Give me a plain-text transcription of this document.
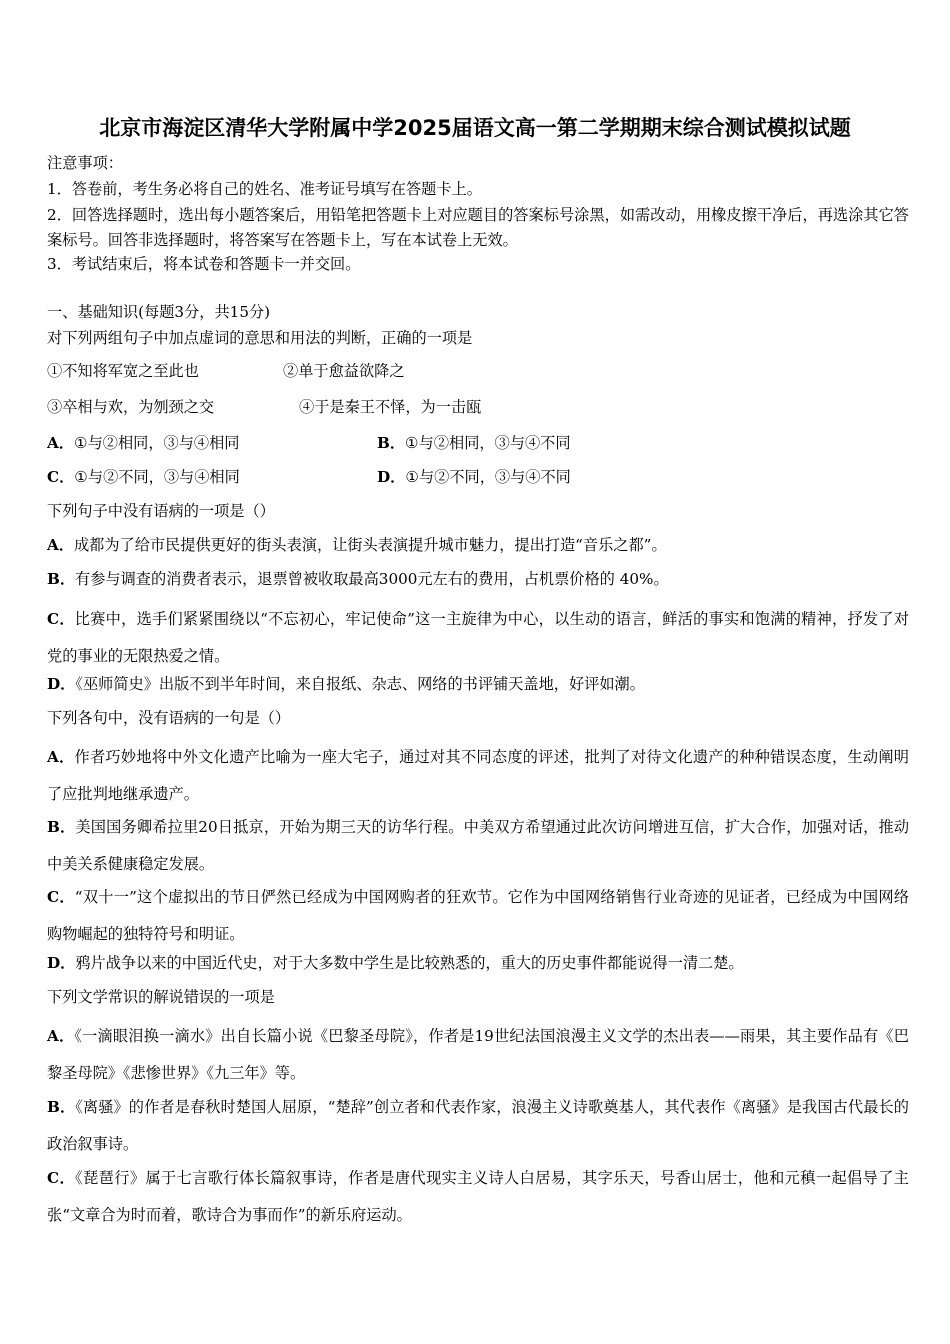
北京市海淀区清华大学附属中学2025届语文高一第二学期期末综合测试模拟试题
注意事项：
1．答卷前，考生务必将自己的姓名、准考证号填写在答题卡上。
2．回答选择题时，选出每小题答案后，用铅笔把答题卡上对应题目的答案标号涂黑，如需改动，用橡皮擦干净后，再选涂其它答案标号。回答非选择题时，将答案写在答题卡上，写在本试卷上无效。
3．考试结束后，将本试卷和答题卡一并交回。
一、基础知识(每题3分，共15分)
对下列两组句子中加点虚词的意思和用法的判断，正确的一项是
①不知将军宽之至此也	②单于愈益欲降之
③卒相与欢，为刎颈之交	④于是秦王不怿，为一击瓯
A．①与②相同，③与④相同	B．①与②相同，③与④不同
C．①与②不同，③与④相同	D．①与②不同，③与④不同
下列句子中没有语病的一项是（）
A．成都为了给市民提供更好的街头表演，让街头表演提升城市魅力，提出打造“音乐之都”。
B．有参与调查的消费者表示，退票曾被收取最高3000元左右的费用，占机票价格的 40%。
C．比赛中，选手们紧紧围绕以“不忘初心，牢记使命”这一主旋律为中心，以生动的语言，鲜活的事实和饱满的精神，抒发了对党的事业的无限热爱之情。
D．《巫师简史》出版不到半年时间，来自报纸、杂志、网络的书评铺天盖地，好评如潮。
下列各句中，没有语病的一句是（）
A．作者巧妙地将中外文化遗产比喻为一座大宅子，通过对其不同态度的评述，批判了对待文化遗产的种种错误态度，生动阐明了应批判地继承遗产。
B．美国国务卿希拉里20日抵京，开始为期三天的访华行程。中美双方希望通过此次访问增进互信，扩大合作，加强对话，推动中美关系健康稳定发展。
C．“双十一”这个虚拟出的节日俨然已经成为中国网购者的狂欢节。它作为中国网络销售行业奇迹的见证者，已经成为中国网络购物崛起的独特符号和明证。
D．鸦片战争以来的中国近代史，对于大多数中学生是比较熟悉的，重大的历史事件都能说得一清二楚。
下列文学常识的解说错误的一项是
A．《一滴眼泪换一滴水》出自长篇小说《巴黎圣母院》，作者是19世纪法国浪漫主义文学的杰出表——雨果，其主要作品有《巴黎圣母院》《悲惨世界》《九三年》等。
B．《离骚》的作者是春秋时楚国人屈原，“楚辞”创立者和代表作家，浪漫主义诗歌奠基人，其代表作《离骚》是我国古代最长的政治叙事诗。
C．《琵琶行》属于七言歌行体长篇叙事诗，作者是唐代现实主义诗人白居易，其字乐天，号香山居士，他和元稹一起倡导了主张“文章合为时而着，歌诗合为事而作”的新乐府运动。
